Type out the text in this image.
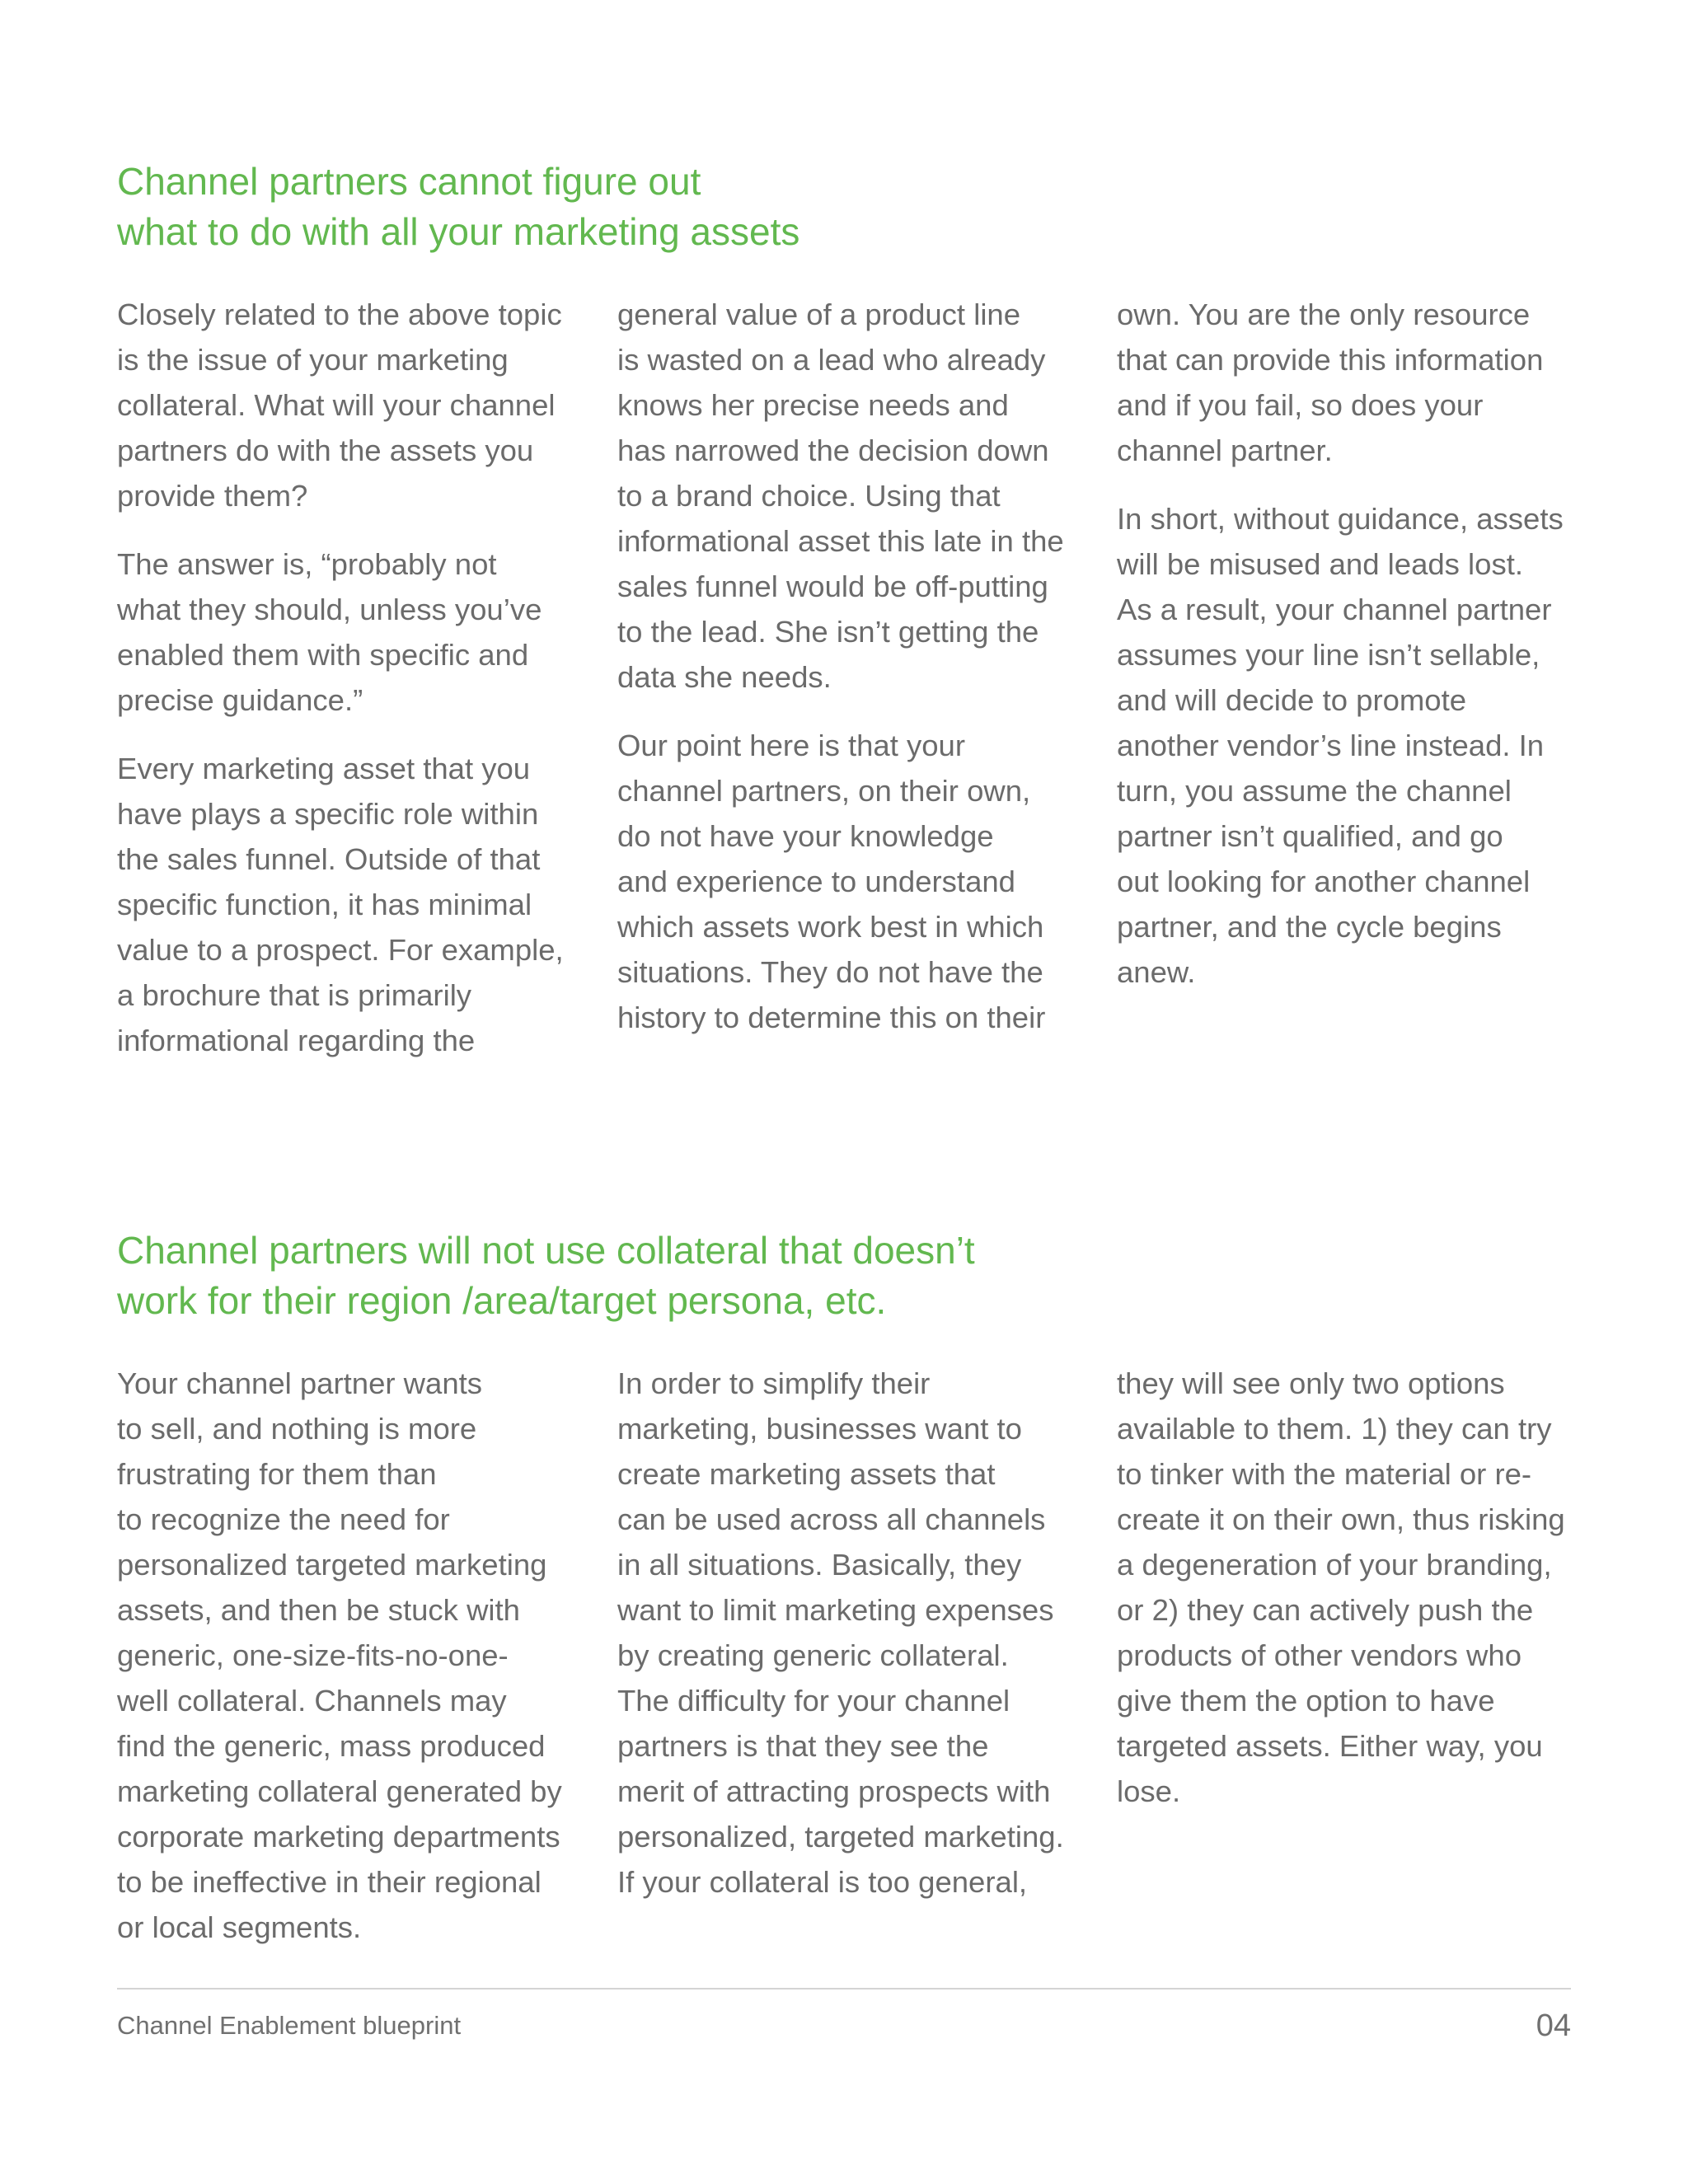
Channel partners cannot figure out
what to do with all your marketing assets

Closely related to the above topic
is the issue of your marketing
collateral. What will your channel
partners do with the assets you
provide them?

The answer is, “probably not
what they should, unless you’ve
enabled them with specific and
precise guidance.”

Every marketing asset that you
have plays a specific role within
the sales funnel. Outside of that
specific function, it has minimal
value to a prospect. For example,
a brochure that is primarily
informational regarding the

general value of a product line
is wasted on a lead who already
knows her precise needs and
has narrowed the decision down
to a brand choice. Using that
informational asset this late in the
sales funnel would be off-putting
to the lead. She isn’t getting the
data she needs.

Our point here is that your
channel partners, on their own,
do not have your knowledge
and experience to understand
which assets work best in which
situations. They do not have the
history to determine this on their

own. You are the only resource
that can provide this information
and if you fail, so does your
channel partner.

In short, without guidance, assets
will be misused and leads lost.
As a result, your channel partner
assumes your line isn’t sellable,
and will decide to promote
another vendor’s line instead. In
turn, you assume the channel
partner isn’t qualified, and go
out looking for another channel
partner, and the cycle begins
anew.

Channel partners will not use collateral that doesn’t
work for their region /area/target persona, etc.

Your channel partner wants
to sell, and nothing is more
frustrating for them than
to recognize the need for
personalized targeted marketing
assets, and then be stuck with
generic, one-size-fits-no-one-
well collateral. Channels may
find the generic, mass produced
marketing collateral generated by
corporate marketing departments
to be ineffective in their regional
or local segments.

In order to simplify their
marketing, businesses want to
create marketing assets that
can be used across all channels
in all situations. Basically, they
want to limit marketing expenses
by creating generic collateral.
The difficulty for your channel
partners is that they see the
merit of attracting prospects with
personalized, targeted marketing.
If your collateral is too general,

they will see only two options
available to them. 1) they can try
to tinker with the material or re-
create it on their own, thus risking
a degeneration of your branding,
or 2) they can actively push the
products of other vendors who
give them the option to have
targeted assets. Either way, you
lose.

Channel Enablement blueprint	04
